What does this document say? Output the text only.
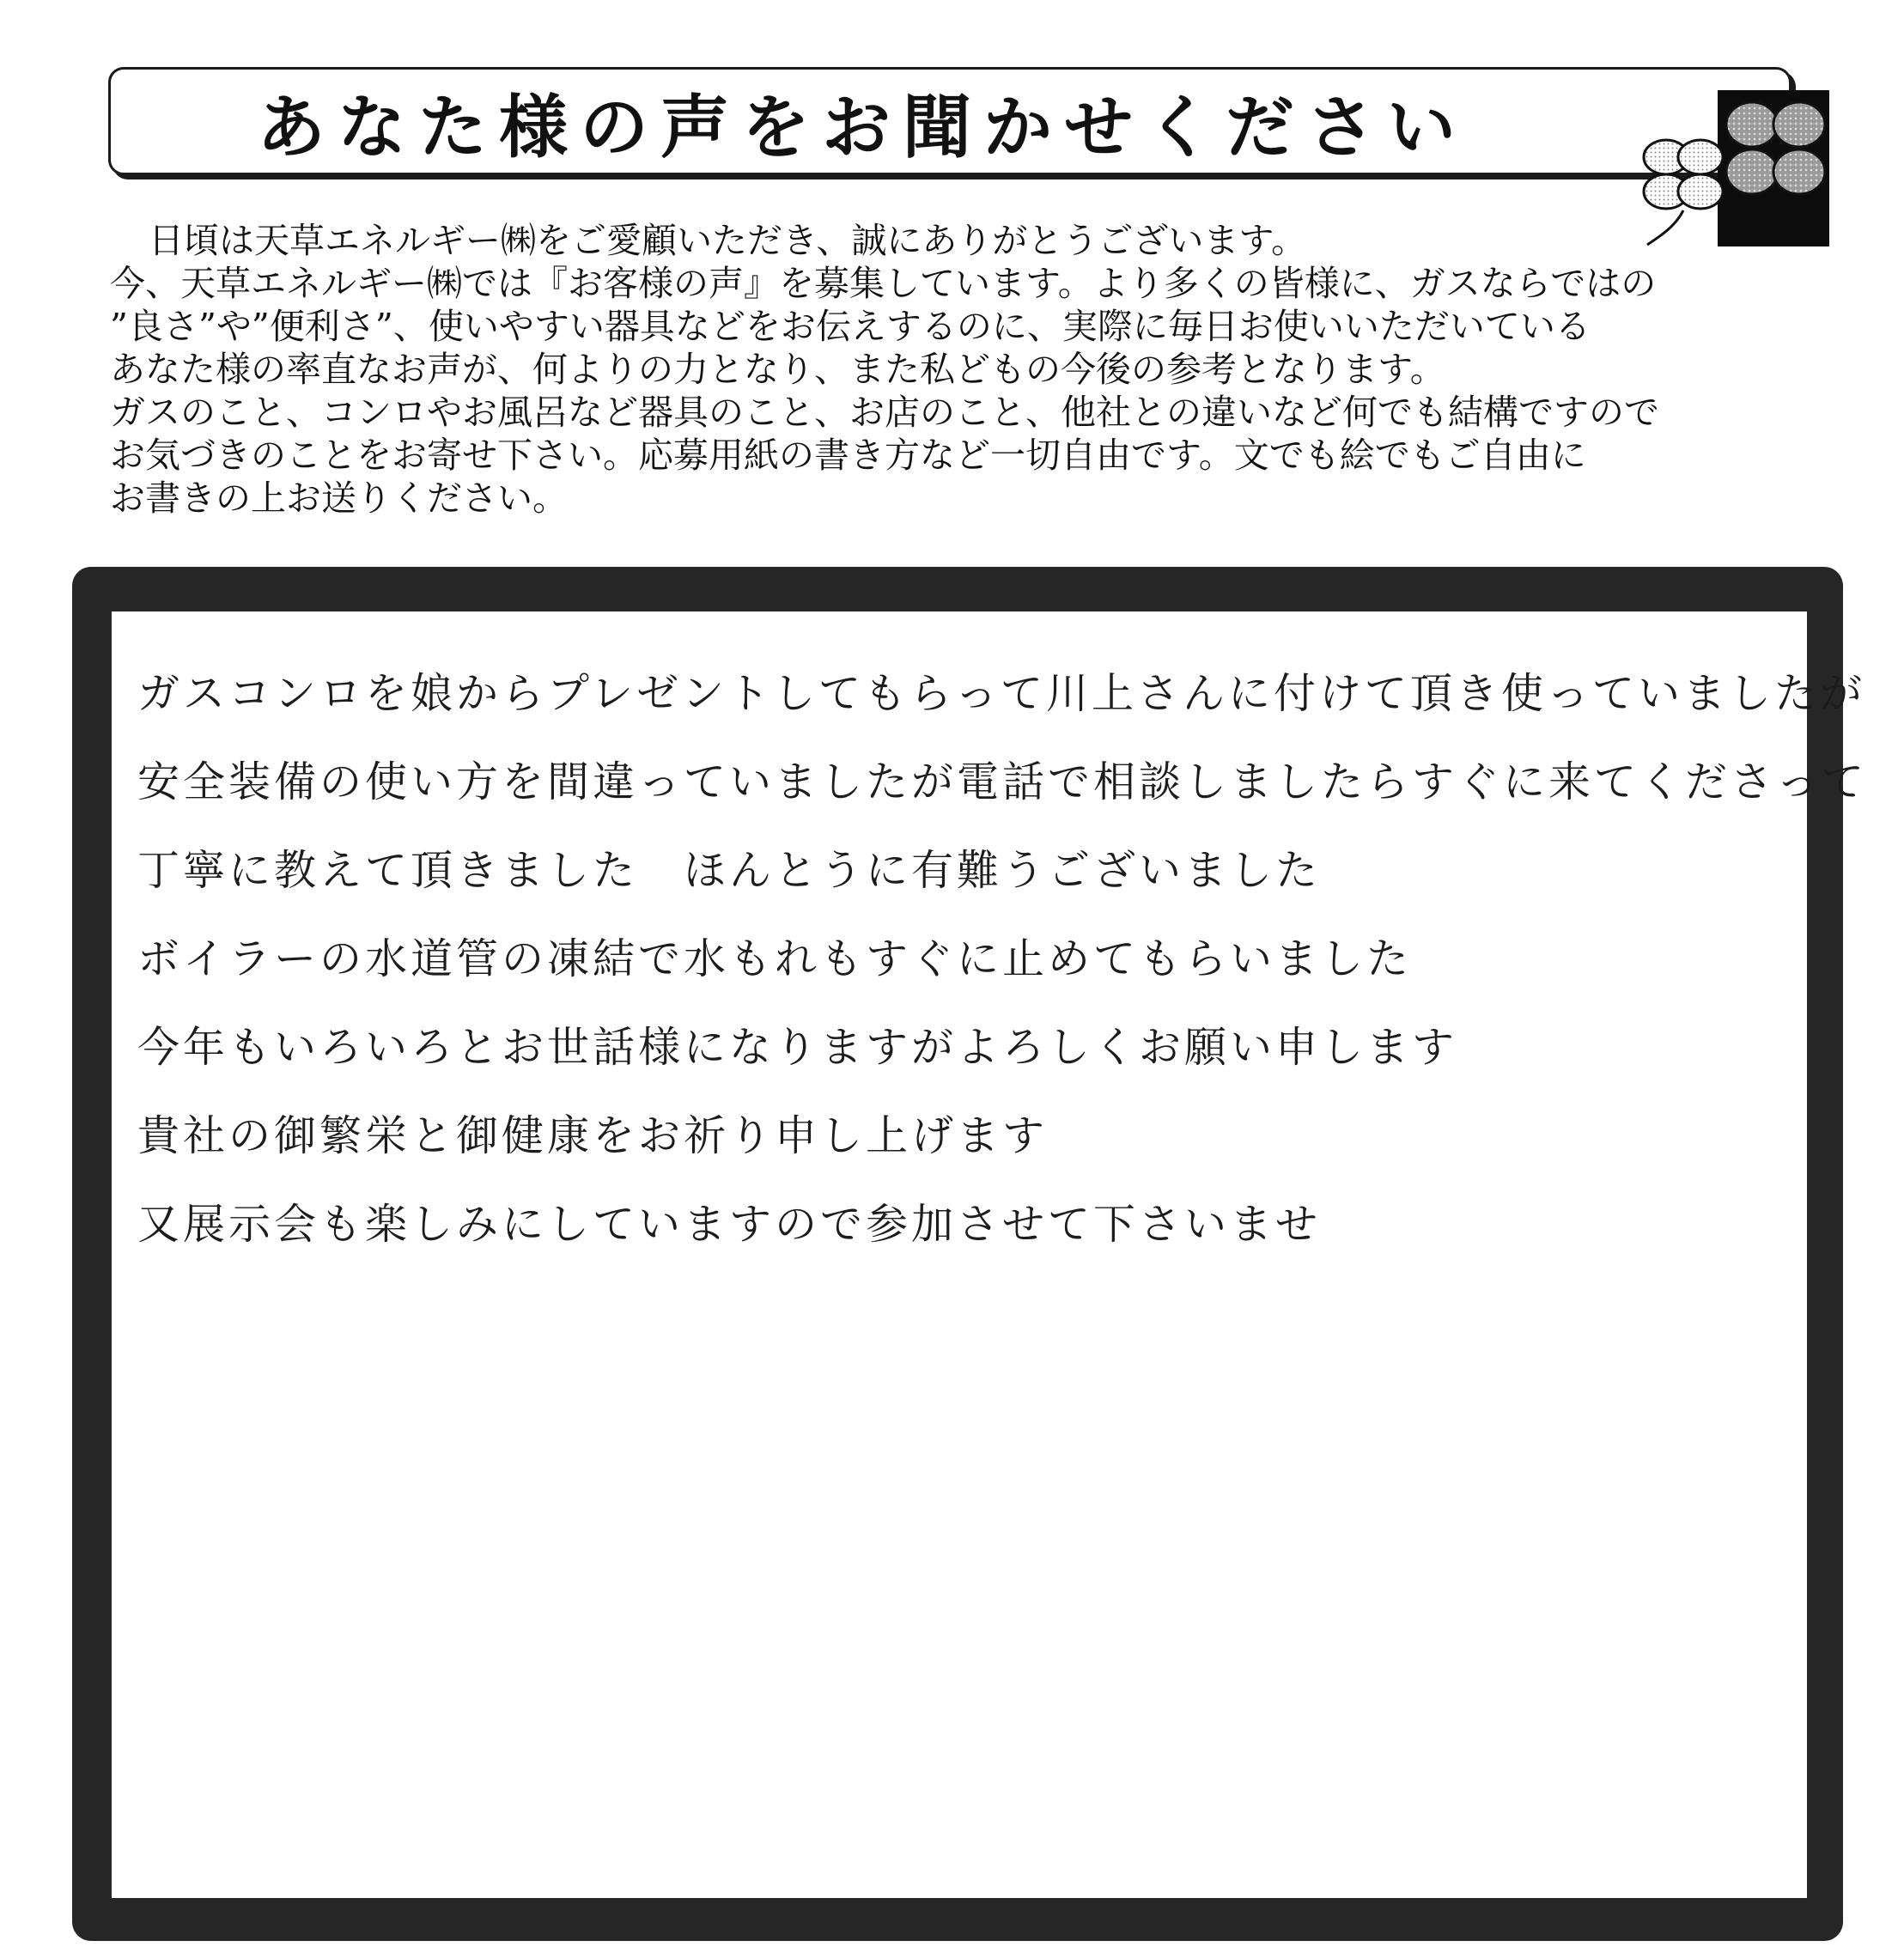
あなた様の声をお聞かせください

日頃は天草エネルギー㈱をご愛顧いただき、誠にありがとうございます。

今、天草エネルギー㈱では『お客様の声』を募集しています。より多くの皆様に、ガスならではの

”良さ”や”便利さ”、使いやすい器具などをお伝えするのに、実際に毎日お使いいただいている

あなた様の率直なお声が、何よりの力となり、また私どもの今後の参考となります。

ガスのこと、コンロやお風呂など器具のこと、お店のこと、他社との違いなど何でも結構ですので

お気づきのことをお寄せ下さい。応募用紙の書き方など一切自由です。文でも絵でもご自由に

お書きの上お送りください。

ガスコンロを娘からプレゼントしてもらって川上さんに付けて頂き使っていましたが

安全装備の使い方を間違っていましたが電話で相談しましたらすぐに来てくださって

丁寧に教えて頂きました　ほんとうに有難うございました

ボイラーの水道管の凍結で水もれもすぐに止めてもらいました

今年もいろいろとお世話様になりますがよろしくお願い申します

貴社の御繁栄と御健康をお祈り申し上げます

又展示会も楽しみにしていますので参加させて下さいませ
